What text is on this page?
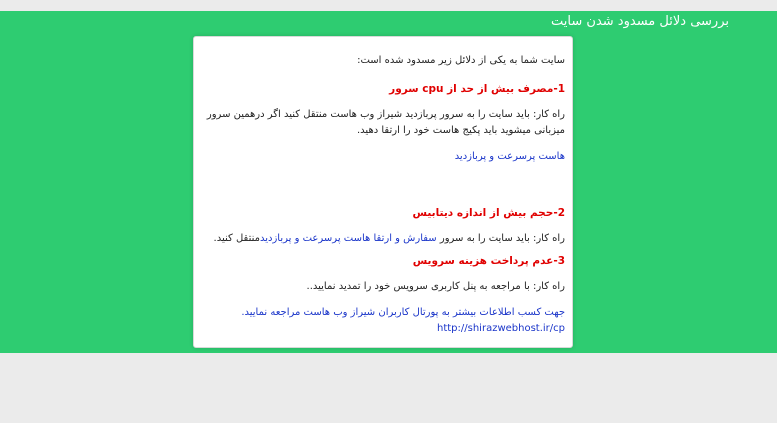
بررسی دلائل مسدود شدن سایت

سایت شما به یکی از دلائل زیر مسدود شده است:

1-مصرف بیش از حد از cpu سرور

راه کار: باید سایت را به سرور پربازدید شیراز وب هاست منتقل کنید اگر درهمین سرور میزبانی میشوید باید پکیج هاست خود را ارتقا دهید.

هاست پرسرعت و پربازدید

2-حجم بیش از اندازه دیتابیس

راه کار: باید سایت را به سرور سفارش و ارتقا هاست پرسرعت و پربازدیدمنتقل کنید.

3-عدم پرداخت هزینه سرویس

راه کار: با مراجعه به پنل کاربری سرویس خود را تمدید نمایید..

جهت کسب اطلاعات بیشتر به پورتال کاربران شیراز وب هاست مراجعه نمایید.

http://shirazwebhost.ir/cp
